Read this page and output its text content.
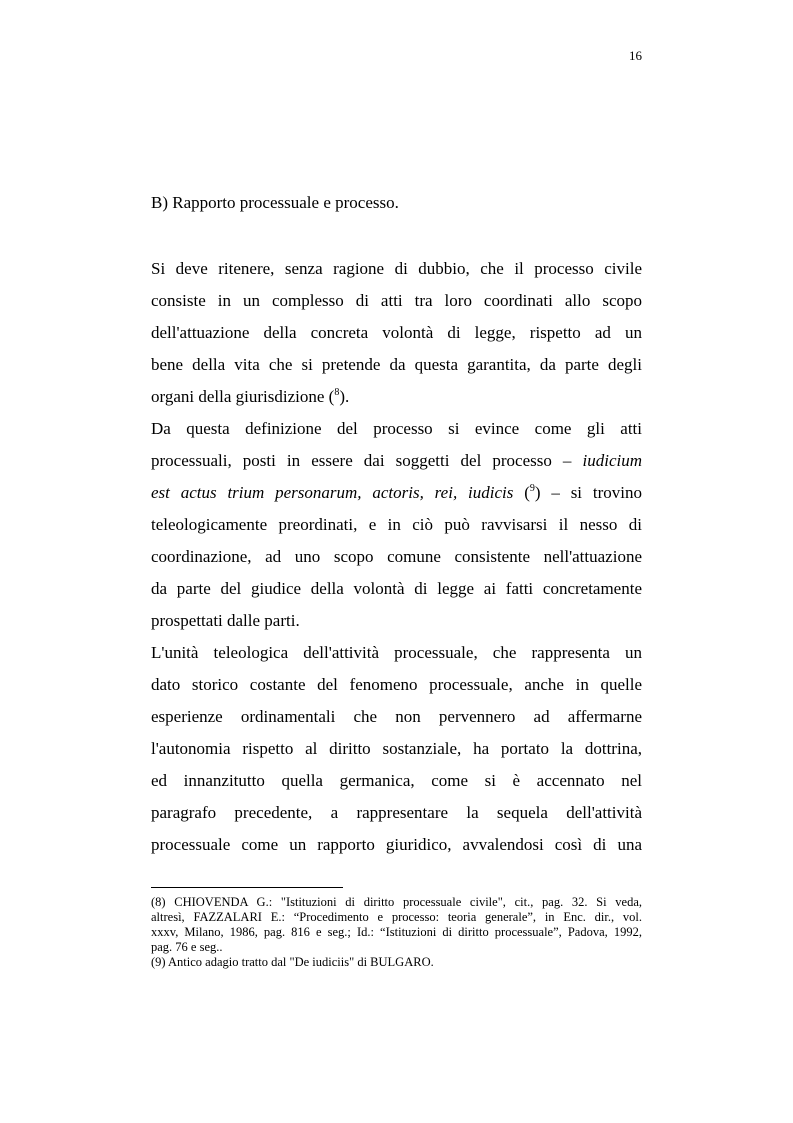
16
B) Rapporto processuale e processo.
Si deve ritenere, senza ragione di dubbio, che il processo civile
consiste in un complesso di atti tra loro coordinati allo scopo
dell'attuazione della concreta volontà di legge, rispetto ad un
bene della vita che si pretende da questa garantita, da parte degli
organi della giurisdizione ($^8$).
Da questa definizione del processo si evince come gli atti
processuali, posti in essere dai soggetti del processo – iudicium
est actus trium personarum, actoris, rei, iudicis ($^9$) – si trovino
teleologicamente preordinati, e in ciò può ravvisarsi il nesso di
coordinazione, ad uno scopo comune consistente nell'attuazione
da parte del giudice della volontà di legge ai fatti concretamente
prospettati dalle parti.
L'unità teleologica dell'attività processuale, che rappresenta un
dato storico costante del fenomeno processuale, anche in quelle
esperienze ordinamentali che non pervennero ad affermarne
l'autonomia rispetto al diritto sostanziale, ha portato la dottrina,
ed innanzitutto quella germanica, come si è accennato nel
paragrafo precedente, a rappresentare la sequela dell'attività
processuale come un rapporto giuridico, avvalendosi così di una
(8) CHIOVENDA G.: "Istituzioni di diritto processuale civile", cit., pag. 32. Si veda,
altresì, FAZZALARI E.: “Procedimento e processo: teoria generale”, in Enc. dir., vol.
xxxv, Milano, 1986, pag. 816 e seg.; Id.: “Istituzioni di diritto processuale”, Padova, 1992,
pag. 76 e seg..
(9) Antico adagio tratto dal "De iudiciis" di BULGARO.
